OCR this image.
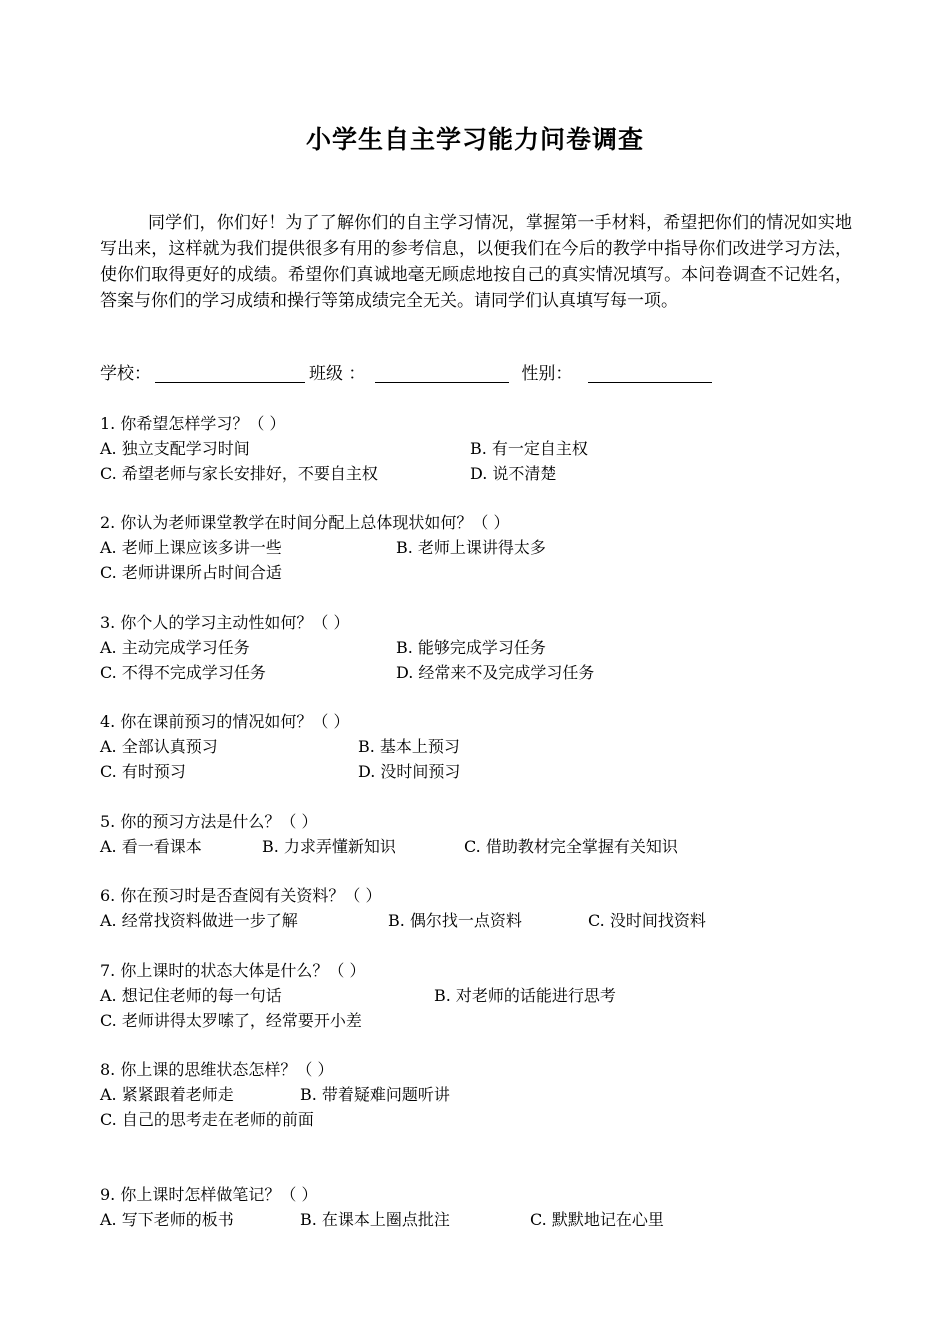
小学生自主学习能力问卷调查

同学们，你们好！为了了解你们的自主学习情况，掌握第一手材料，希望把你们的情况如实地写出来，这样就为我们提供很多有用的参考信息，以便我们在今后的教学中指导你们改进学习方法，使你们取得更好的成绩。希望你们真诚地毫无顾虑地按自己的真实情况填写。本问卷调查不记姓名，答案与你们的学习成绩和操行等第成绩完全无关。请同学们认真填写每一项。

学校：	班级 ：	性别：
1. 你希望怎样学习？（ ）
A. 独立支配学习时间	B. 有一定自主权
C. 希望老师与家长安排好，不要自主权	D. 说不清楚
2. 你认为老师课堂教学在时间分配上总体现状如何？（ ）
A. 老师上课应该多讲一些	B. 老师上课讲得太多
C. 老师讲课所占时间合适
3. 你个人的学习主动性如何？（ ）
A. 主动完成学习任务	B. 能够完成学习任务
C. 不得不完成学习任务	D. 经常来不及完成学习任务
4. 你在课前预习的情况如何？（ ）
A. 全部认真预习	B. 基本上预习
C. 有时预习	D. 没时间预习
5. 你的预习方法是什么？（ ）
A. 看一看课本	B. 力求弄懂新知识	C. 借助教材完全掌握有关知识
6. 你在预习时是否查阅有关资料？（ ）
A. 经常找资料做进一步了解	B. 偶尔找一点资料	C. 没时间找资料
7. 你上课时的状态大体是什么？（ ）
A. 想记住老师的每一句话	B. 对老师的话能进行思考
C. 老师讲得太罗嗦了，经常要开小差
8. 你上课的思维状态怎样？（ ）
A. 紧紧跟着老师走	B. 带着疑难问题听讲
C. 自己的思考走在老师的前面
9. 你上课时怎样做笔记？（ ）
A. 写下老师的板书	B. 在课本上圈点批注	C. 默默地记在心里
